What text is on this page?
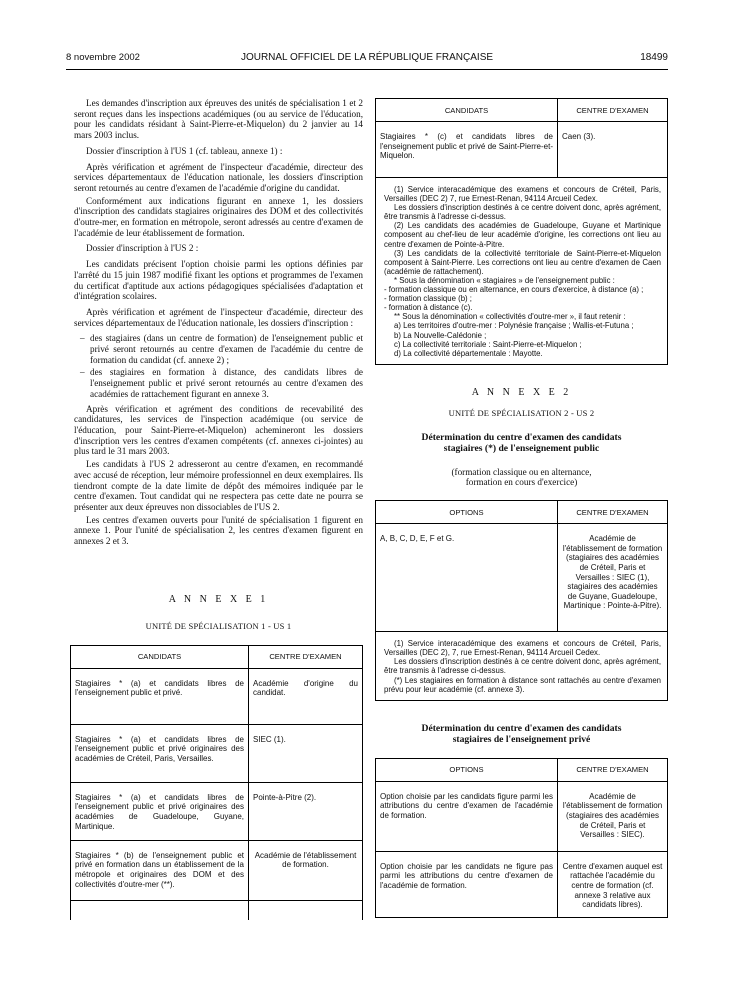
8 novembre 2002	JOURNAL OFFICIEL DE LA RÉPUBLIQUE FRANÇAISE	18499

Les demandes d'inscription aux épreuves des unités de spécialisation 1 et 2 seront reçues dans les inspections académiques (ou au service de l'éducation, pour les candidats résidant à Saint-Pierre-et-Miquelon) du 2 janvier au 14 mars 2003 inclus.

Dossier d'inscription à l'US 1 (cf. tableau, annexe 1) :

Après vérification et agrément de l'inspecteur d'académie, directeur des services départementaux de l'éducation nationale, les dossiers d'inscription seront retournés au centre d'examen de l'académie d'origine du candidat.

Conformément aux indications figurant en annexe 1, les dossiers d'inscription des candidats stagiaires originaires des DOM et des collectivités d'outre-mer, en formation en métropole, seront adressés au centre d'examen de l'académie de leur établissement de formation.

Dossier d'inscription à l'US 2 :

Les candidats précisent l'option choisie parmi les options définies par l'arrêté du 15 juin 1987 modifié fixant les options et programmes de l'examen du certificat d'aptitude aux actions pédagogiques spécialisées d'adaptation et d'intégration scolaires.

Après vérification et agrément de l'inspecteur d'académie, directeur des services départementaux de l'éducation nationale, les dossiers d'inscription :

– des stagiaires (dans un centre de formation) de l'enseignement public et privé seront retournés au centre d'examen de l'académie du centre de formation du candidat (cf. annexe 2) ;
– des stagiaires en formation à distance, des candidats libres de l'enseignement public et privé seront retournés au centre d'examen des académies de rattachement figurant en annexe 3.

Après vérification et agrément des conditions de recevabilité des candidatures, les services de l'inspection académique (ou service de l'éducation, pour Saint-Pierre-et-Miquelon) achemineront les dossiers d'inscription vers les centres d'examen compétents (cf. annexes ci-jointes) au plus tard le 31 mars 2003.

Les candidats à l'US 2 adresseront au centre d'examen, en recommandé avec accusé de réception, leur mémoire professionnel en deux exemplaires. Ils tiendront compte de la date limite de dépôt des mémoires indiquée par le centre d'examen. Tout candidat qui ne respectera pas cette date ne pourra se présenter aux deux épreuves non dissociables de l'US 2.

Les centres d'examen ouverts pour l'unité de spécialisation 1 figurent en annexe 1. Pour l'unité de spécialisation 2, les centres d'examen figurent en annexes 2 et 3.

A N N E X E 1

UNITÉ DE SPÉCIALISATION 1 - US 1

CANDIDATS	CENTRE D'EXAMEN
Stagiaires * (a) et candidats libres de l'enseignement public et privé.	Académie d'origine du candidat.
Stagiaires * (a) et candidats libres de l'enseignement public et privé originaires des académies de Créteil, Paris, Versailles.	SIEC (1).
Stagiaires * (a) et candidats libres de l'enseignement public et privé originaires des académies de Guadeloupe, Guyane, Martinique.	Pointe-à-Pitre (2).
Stagiaires * (b) de l'enseignement public et privé en formation dans un établissement de la métropole et originaires des DOM et des collectivités d'outre-mer (**).	Académie de l'établissement de formation.

CANDIDATS	CENTRE D'EXAMEN
Stagiaires * (c) et candidats libres de l'enseignement public et privé de Saint-Pierre-et-Miquelon.	Caen (3).

(1) Service interacadémique des examens et concours de Créteil, Paris, Versailles (DEC 2) 7, rue Ernest-Renan, 94114 Arcueil Cedex.

Les dossiers d'inscription destinés à ce centre doivent donc, après agrément, être transmis à l'adresse ci-dessus.

(2) Les candidats des académies de Guadeloupe, Guyane et Martinique composent au chef-lieu de leur académie d'origine, les corrections ont lieu au centre d'examen de Pointe-à-Pitre.

(3) Les candidats de la collectivité territoriale de Saint-Pierre-et-Miquelon composent à Saint-Pierre. Les corrections ont lieu au centre d'examen de Caen (académie de rattachement).

* Sous la dénomination « stagiaires » de l'enseignement public :

- formation classique ou en alternance, en cours d'exercice, à distance (a) ;

- formation classique (b) ;

- formation à distance (c).

** Sous la dénomination « collectivités d'outre-mer », il faut retenir :

a) Les territoires d'outre-mer : Polynésie française ; Wallis-et-Futuna ;

b) La Nouvelle-Calédonie ;

c) La collectivité territoriale : Saint-Pierre-et-Miquelon ;

d) La collectivité départementale : Mayotte.

A N N E X E 2

UNITÉ DE SPÉCIALISATION 2 - US 2

Détermination du centre d'examen des candidats

stagiaires (*) de l'enseignement public

(formation classique ou en alternance,

formation en cours d'exercice)

OPTIONS	CENTRE D'EXAMEN
A, B, C, D, E, F et G.	Académie de l'établissement de formation (stagiaires des académies de Créteil, Paris et Versailles : SIEC (1), stagiaires des académies de Guyane, Guadeloupe, Martinique : Pointe-à-Pitre).

(1) Service interacadémique des examens et concours de Créteil, Paris, Versailles (DEC 2), 7, rue Ernest-Renan, 94114 Arcueil Cedex.

Les dossiers d'inscription destinés à ce centre doivent donc, après agrément, être transmis à l'adresse ci-dessus.

(*) Les stagiaires en formation à distance sont rattachés au centre d'examen prévu pour leur académie (cf. annexe 3).

Détermination du centre d'examen des candidats

stagiaires de l'enseignement privé

OPTIONS	CENTRE D'EXAMEN
Option choisie par les candidats figure parmi les attributions du centre d'examen de l'académie de formation.	Académie de l'établissement de formation (stagiaires des académies de Créteil, Paris et Versailles : SIEC).
Option choisie par les candidats ne figure pas parmi les attributions du centre d'examen de l'académie de formation.	Centre d'examen auquel est rattachée l'académie du centre de formation (cf. annexe 3 relative aux candidats libres).
